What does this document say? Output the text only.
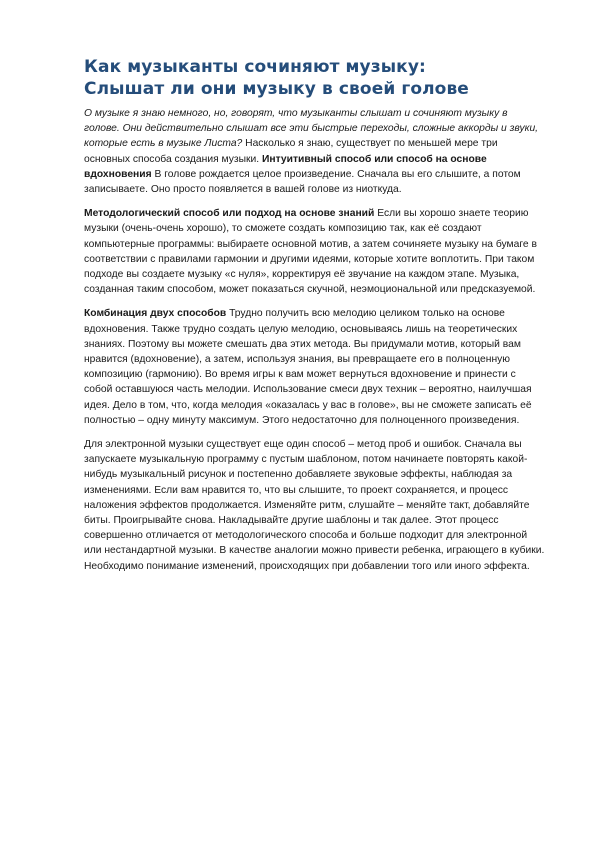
Как музыканты сочиняют музыку:
Слышат ли они музыку в своей голове

О музыке я знаю немного, но, говорят, что музыканты слышат и сочиняют музыку в голове. Они действительно слышат все эти быстрые переходы, сложные аккорды и звуки, которые есть в музыке Листа? Насколько я знаю, существует по меньшей мере три основных способа создания музыки. Интуитивный способ или способ на основе вдохновения В голове рождается целое произведение. Сначала вы его слышите, а потом записываете. Оно просто появляется в вашей голове из ниоткуда.

Методологический способ или подход на основе знаний Если вы хорошо знаете теорию музыки (очень-очень хорошо), то сможете создать композицию так, как её создают компьютерные программы: выбираете основной мотив, а затем сочиняете музыку на бумаге в соответствии с правилами гармонии и другими идеями, которые хотите воплотить. При таком подходе вы создаете музыку «с нуля», корректируя её звучание на каждом этапе. Музыка, созданная таким способом, может показаться скучной, неэмоциональной или предсказуемой.

Комбинация двух способов Трудно получить всю мелодию целиком только на основе вдохновения. Также трудно создать целую мелодию, основываясь лишь на теоретических знаниях. Поэтому вы можете смешать два этих метода. Вы придумали мотив, который вам нравится (вдохновение), а затем, используя знания, вы превращаете его в полноценную композицию (гармонию). Во время игры к вам может вернуться вдохновение и принести с собой оставшуюся часть мелодии. Использование смеси двух техник – вероятно, наилучшая идея. Дело в том, что, когда мелодия «оказалась у вас в голове», вы не сможете записать её полностью – одну минуту максимум. Этого недостаточно для полноценного произведения.

Для электронной музыки существует еще один способ – метод проб и ошибок. Сначала вы запускаете музыкальную программу с пустым шаблоном, потом начинаете повторять какой-нибудь музыкальный рисунок и постепенно добавляете звуковые эффекты, наблюдая за изменениями. Если вам нравится то, что вы слышите, то проект сохраняется, и процесс наложения эффектов продолжается. Изменяйте ритм, слушайте – меняйте такт, добавляйте биты. Проигрывайте снова. Накладывайте другие шаблоны и так далее. Этот процесс совершенно отличается от методологического способа и больше подходит для электронной или нестандартной музыки. В качестве аналогии можно привести ребенка, играющего в кубики. Необходимо понимание изменений, происходящих при добавлении того или иного эффекта.
